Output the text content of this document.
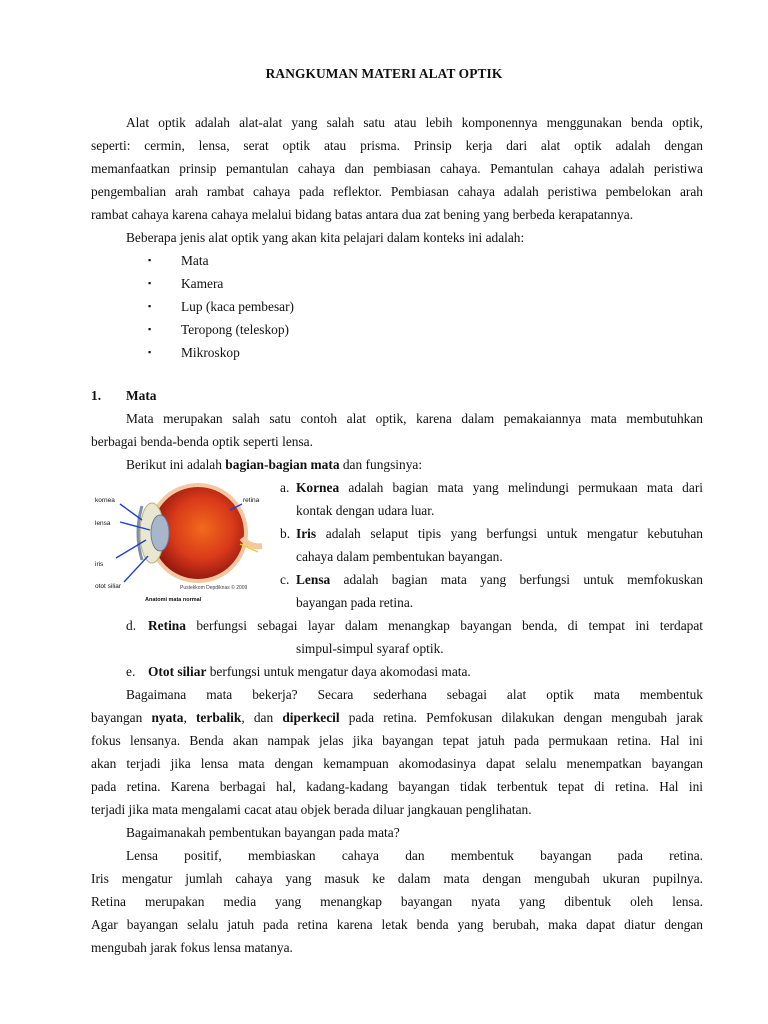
RANGKUMAN MATERI ALAT OPTIK
Alat optik adalah alat-alat yang salah satu atau lebih komponennya menggunakan benda optik,
seperti: cermin, lensa, serat optik atau prisma. Prinsip kerja dari alat optik adalah dengan
memanfaatkan prinsip pemantulan cahaya dan pembiasan cahaya. Pemantulan cahaya adalah peristiwa
pengembalian arah rambat cahaya pada reflektor. Pembiasan cahaya adalah peristiwa pembelokan arah
rambat cahaya karena cahaya melalui bidang batas antara dua zat bening yang berbeda kerapatannya.
Beberapa jenis alat optik yang akan kita pelajari dalam konteks ini adalah:
▪	Mata
▪	Kamera
▪	Lup (kaca pembesar)
▪	Teropong (teleskop)
▪	Mikroskop
1. Mata
Mata merupakan salah satu contoh alat optik, karena dalam pemakaiannya mata membutuhkan
berbagai benda-benda optik seperti lensa.
Berikut ini adalah bagian-bagian mata dan fungsinya:
kornea
lensa
iris
otot siliar
retina
Pustekkom Depdiknas © 2009
Anatomi mata normal
a. Kornea adalah bagian mata yang melindungi permukaan mata dari
kontak dengan udara luar.
b. Iris adalah selaput tipis yang berfungsi untuk mengatur kebutuhan
cahaya dalam pembentukan bayangan.
c. Lensa adalah bagian mata yang berfungsi untuk memfokuskan
bayangan pada retina.
d. Retina berfungsi sebagai layar dalam menangkap bayangan benda, di tempat ini terdapat
simpul-simpul syaraf optik.
e. Otot siliar berfungsi untuk mengatur daya akomodasi mata.
Bagaimana mata bekerja? Secara sederhana sebagai alat optik mata membentuk
bayangan nyata, terbalik, dan diperkecil pada retina. Pemfokusan dilakukan dengan mengubah jarak
fokus lensanya. Benda akan nampak jelas jika bayangan tepat jatuh pada permukaan retina. Hal ini
akan terjadi jika lensa mata dengan kemampuan akomodasinya dapat selalu menempatkan bayangan
pada retina. Karena berbagai hal, kadang-kadang bayangan tidak terbentuk tepat di retina. Hal ini
terjadi jika mata mengalami cacat atau objek berada diluar jangkauan penglihatan.
Bagaimanakah pembentukan bayangan pada mata?
Lensa positif, membiaskan cahaya dan membentuk bayangan pada retina.
Iris mengatur jumlah cahaya yang masuk ke dalam mata dengan mengubah ukuran pupilnya.
Retina merupakan media yang menangkap bayangan nyata yang dibentuk oleh lensa.
Agar bayangan selalu jatuh pada retina karena letak benda yang berubah, maka dapat diatur dengan
mengubah jarak fokus lensa matanya.
